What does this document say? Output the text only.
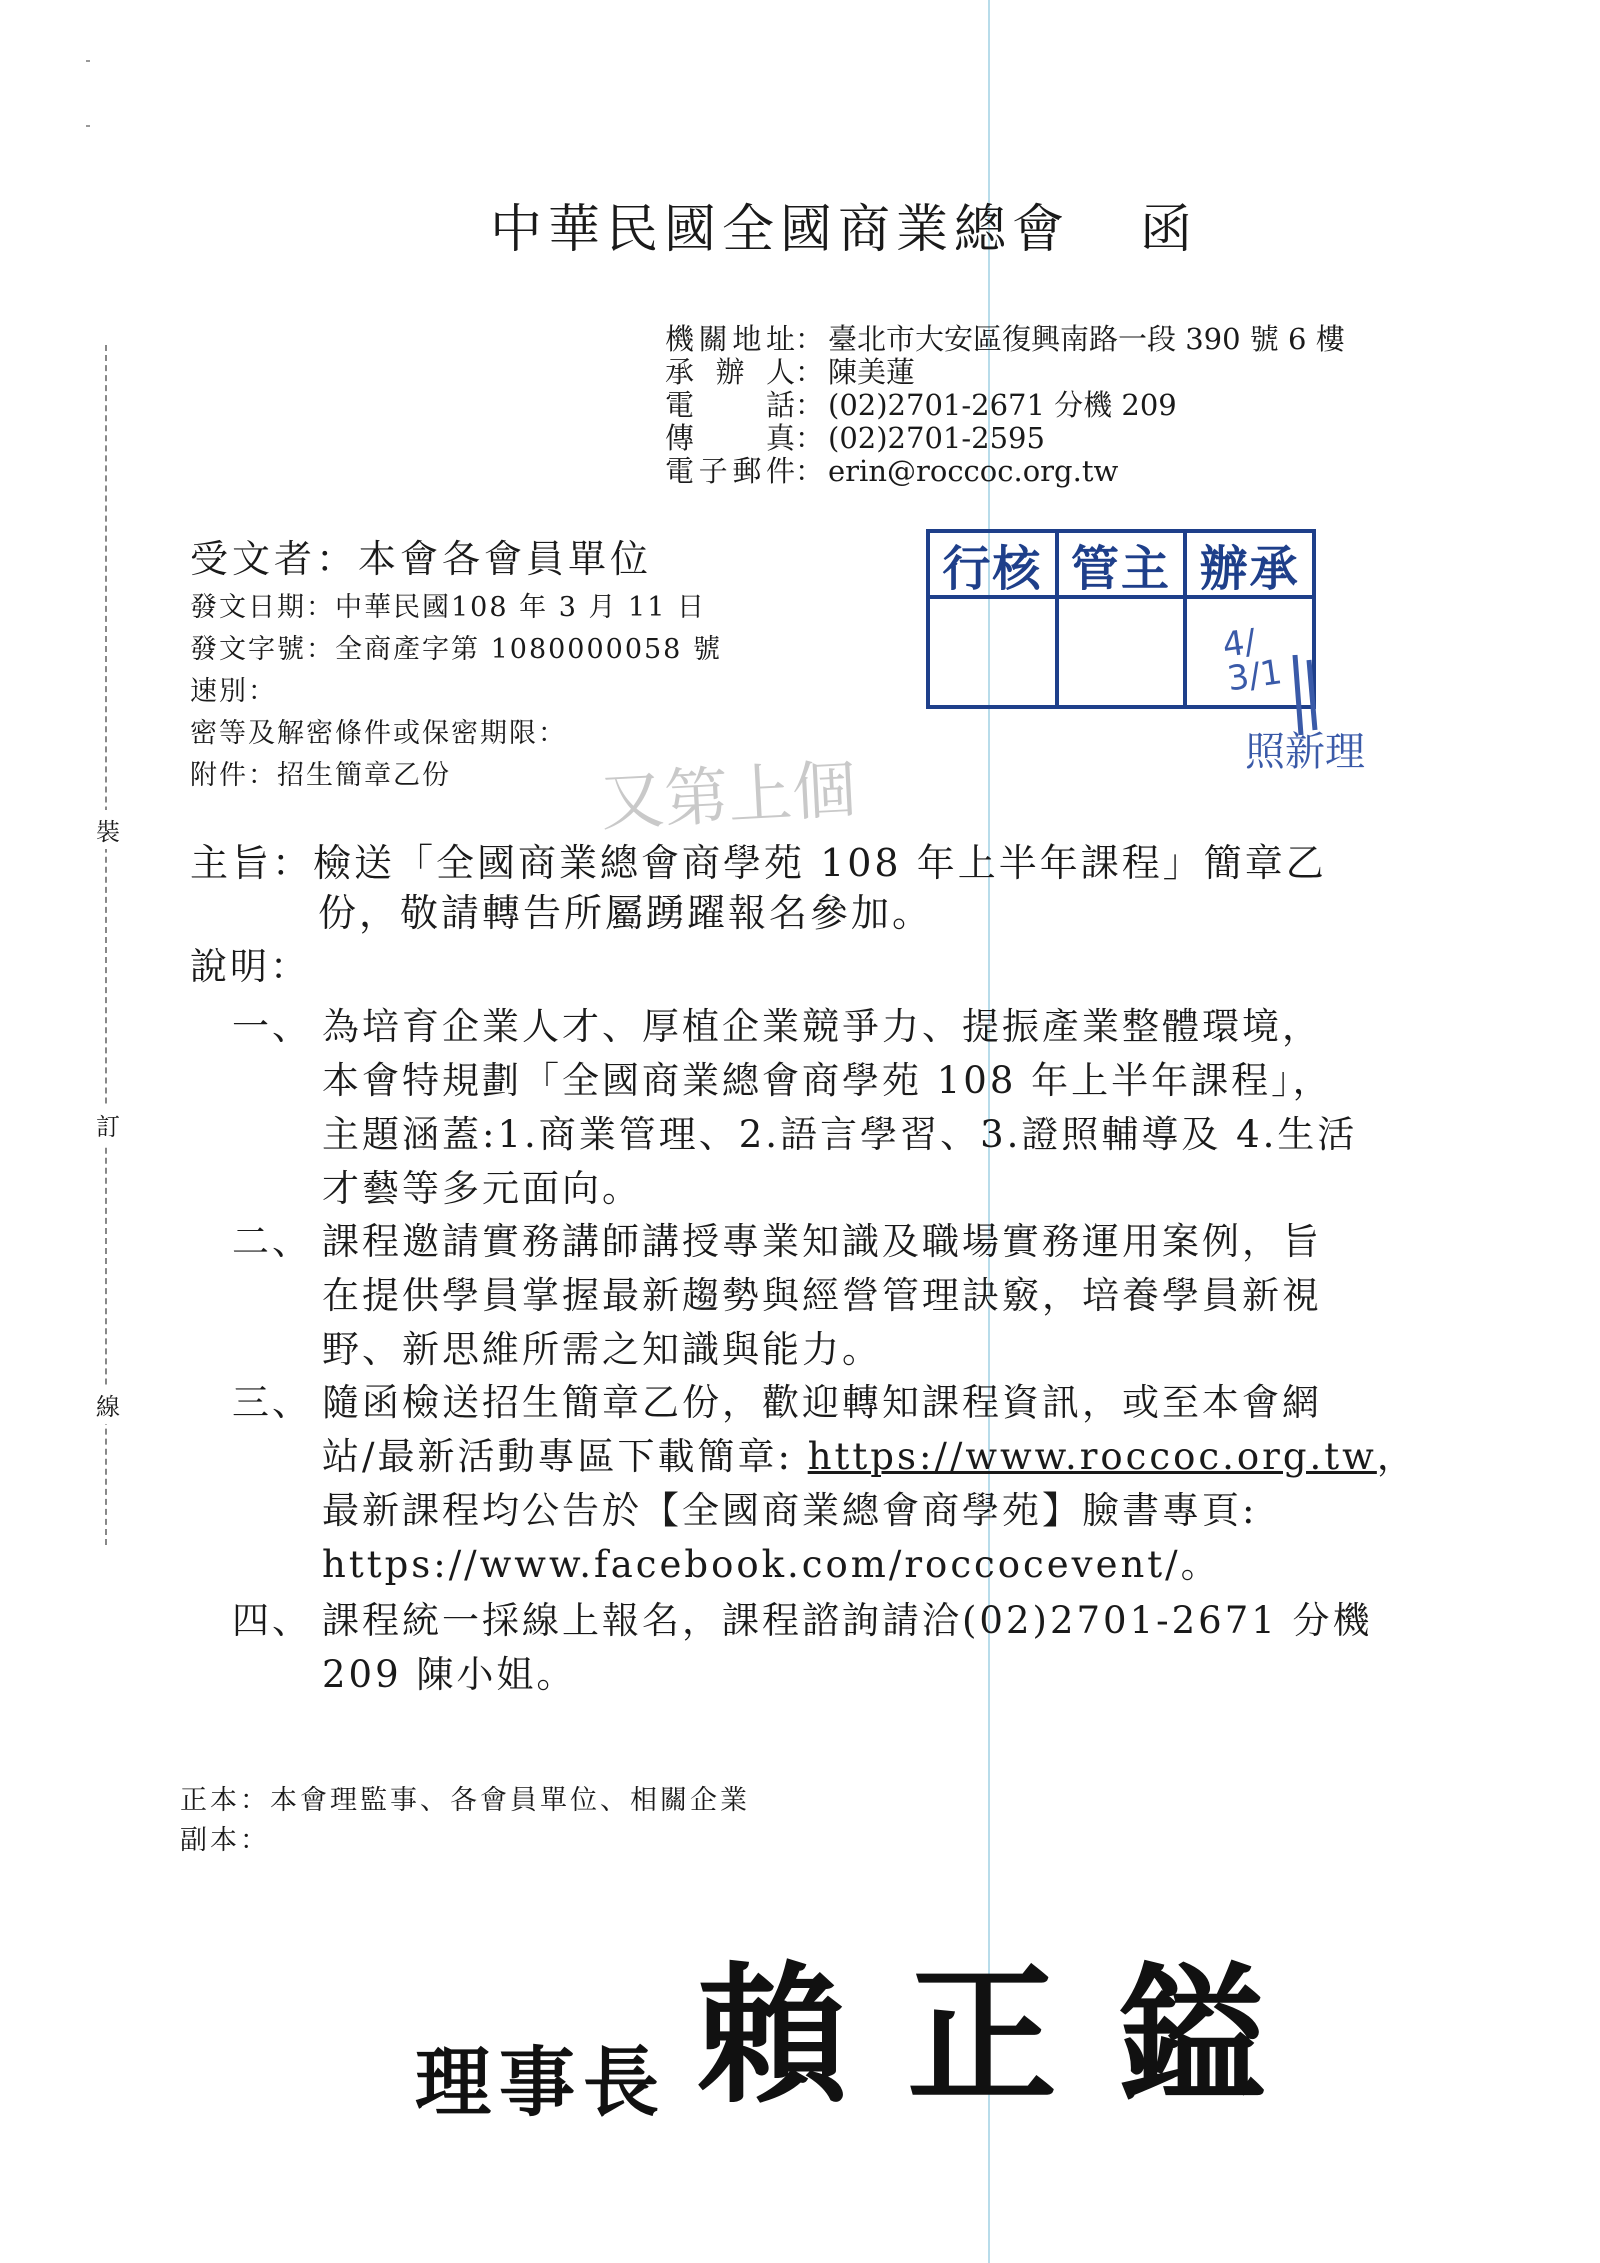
裝
訂
線
中華民國全國商業總會 函
機關地址 ： 臺北市大安區復興南路一段 390 號 6 樓
承辦人 ： 陳美蓮
電話 ： (02)2701-2671 分機 209
傳真 ： (02)2701-2595
電子郵件 ： erin@roccoc.org.tw
受文者：本會各會員單位
發文日期：中華民國108 年 3 月 11 日
發文字號：全商產字第 1080000058 號
速別：
密等及解密條件或保密期限：
附件：招生簡章乙份
行核 管主 辦承
4/
3/1
照新理
又第上個
主旨：檢送「全國商業總會商學苑 108 年上半年課程」簡章乙
份，敬請轉告所屬踴躍報名參加。
說明：
一、 為培育企業人才、厚植企業競爭力、提振產業整體環境，
本會特規劃「全國商業總會商學苑 108 年上半年課程」，
主題涵蓋:1.商業管理、2.語言學習、3.證照輔導及 4.生活
才藝等多元面向。
二、 課程邀請實務講師講授專業知識及職場實務運用案例，旨
在提供學員掌握最新趨勢與經營管理訣竅，培養學員新視
野、新思維所需之知識與能力。
三、 隨函檢送招生簡章乙份，歡迎轉知課程資訊，或至本會網
站/最新活動專區下載簡章: https://www.roccoc.org.tw，
最新課程均公告於【全國商業總會商學苑】臉書專頁:
https://www.facebook.com/roccocevent/。
四、 課程統一採線上報名，課程諮詢請洽(02)2701-2671 分機
209 陳小姐。
正本：本會理監事、各會員單位、相關企業
副本：
理事長 賴正鎰
